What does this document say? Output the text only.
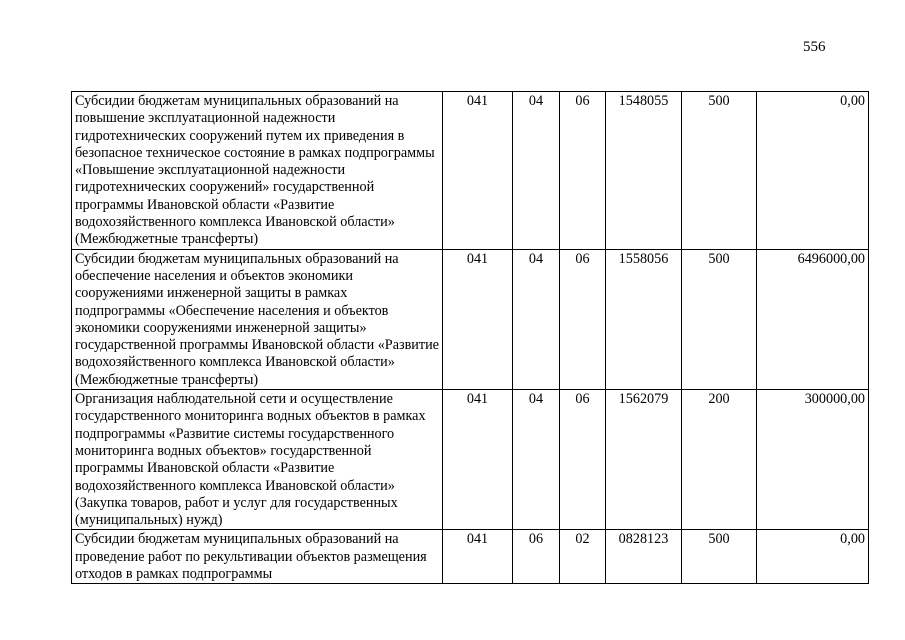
556
Субсидии бюджетам муниципальных образований на повышение эксплуатационной надежности гидротехнических сооружений путем их приведения в безопасное техническое состояние в рамках подпрограммы «Повышение эксплуатационной надежности гидротехнических сооружений» государственной программы Ивановской области «Развитие водохозяйственного комплекса Ивановской области» (Межбюджетные трансферты)	041	04	06	1548055	500	0,00
Субсидии бюджетам муниципальных образований на обеспечение населения и объектов экономики сооружениями инженерной защиты в рамках подпрограммы «Обеспечение населения и объектов экономики сооружениями инженерной защиты» государственной программы Ивановской области «Развитие водохозяйственного комплекса Ивановской области» (Межбюджетные трансферты)	041	04	06	1558056	500	6496000,00
Организация наблюдательной сети и осуществление государственного мониторинга водных объектов в рамках подпрограммы «Развитие системы государственного мониторинга водных объектов» государственной программы Ивановской области «Развитие водохозяйственного комплекса Ивановской области» (Закупка товаров, работ и услуг для государственных (муниципальных) нужд)	041	04	06	1562079	200	300000,00
Субсидии бюджетам муниципальных образований на проведение работ по рекультивации объектов размещения отходов в рамках подпрограммы	041	06	02	0828123	500	0,00
